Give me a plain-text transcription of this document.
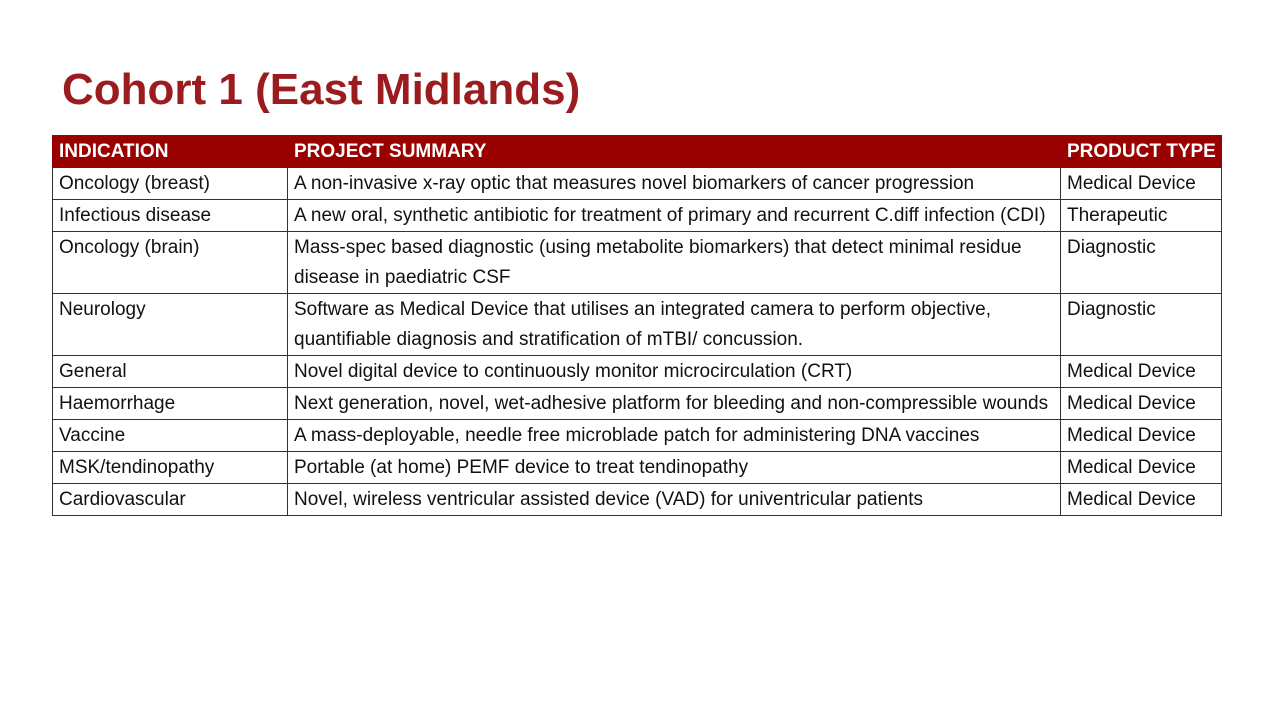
Cohort 1 (East Midlands)
INDICATION	PROJECT SUMMARY	PRODUCT TYPE
Oncology (breast)	A non-invasive x-ray optic that measures novel biomarkers of cancer progression	Medical Device
Infectious disease	A new oral, synthetic antibiotic for treatment of primary and recurrent C.diff infection (CDI)	Therapeutic
Oncology (brain)	Mass-spec based diagnostic (using metabolite biomarkers) that detect minimal residue disease in paediatric CSF	Diagnostic
Neurology	Software as Medical Device that utilises an integrated camera to perform objective, quantifiable diagnosis and stratification of mTBI/ concussion.	Diagnostic
General	Novel digital device to continuously monitor microcirculation (CRT)	Medical Device
Haemorrhage	Next generation, novel, wet-adhesive platform for bleeding and non-compressible wounds	Medical Device
Vaccine	A mass-deployable, needle free microblade patch for administering DNA vaccines	Medical Device
MSK/tendinopathy	Portable (at home) PEMF device to treat tendinopathy	Medical Device
Cardiovascular	Novel, wireless ventricular assisted device (VAD) for univentricular patients	Medical Device
